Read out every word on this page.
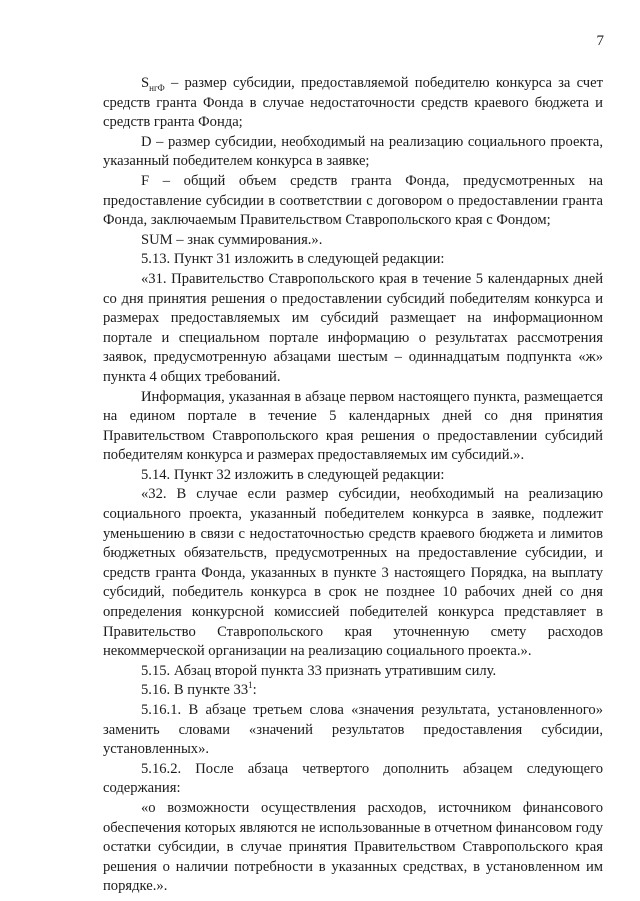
7

$S_{нгФ}$ – размер субсидии, предоставляемой победителю конкурса за счет средств гранта Фонда в случае недостаточности средств краевого бюджета и средств гранта Фонда;

D – размер субсидии, необходимый на реализацию социального проекта, указанный победителем конкурса в заявке;

F – общий объем средств гранта Фонда, предусмотренных на предоставление субсидии в соответствии с договором о предоставлении гранта Фонда, заключаемым Правительством Ставропольского края с Фондом;

SUM – знак суммирования.».

5.13. Пункт 31 изложить в следующей редакции:

«31. Правительство Ставропольского края в течение 5 календарных дней со дня принятия решения о предоставлении субсидий победителям конкурса и размерах предоставляемых им субсидий размещает на информационном портале и специальном портале информацию о результатах рассмотрения заявок, предусмотренную абзацами шестым – одиннадцатым подпункта «ж» пункта 4 общих требований.

Информация, указанная в абзаце первом настоящего пункта, размещается на едином портале в течение 5 календарных дней со дня принятия Правительством Ставропольского края решения о предоставлении субсидий победителям конкурса и размерах предоставляемых им субсидий.».

5.14. Пункт 32 изложить в следующей редакции:

«32. В случае если размер субсидии, необходимый на реализацию социального проекта, указанный победителем конкурса в заявке, подлежит уменьшению в связи с недостаточностью средств краевого бюджета и лимитов бюджетных обязательств, предусмотренных на предоставление субсидии, и средств гранта Фонда, указанных в пункте 3 настоящего Порядка, на выплату субсидий, победитель конкурса в срок не позднее 10 рабочих дней со дня определения конкурсной комиссией победителей конкурса представляет в Правительство Ставропольского края уточненную смету расходов некоммерческой организации на реализацию социального проекта.».

5.15. Абзац второй пункта 33 признать утратившим силу.

5.16. В пункте $33^1$:

5.16.1. В абзаце третьем слова «значения результата, установленного» заменить словами «значений результатов предоставления субсидии, установленных».

5.16.2. После абзаца четвертого дополнить абзацем следующего содержания:

«о возможности осуществления расходов, источником финансового обеспечения которых являются не использованные в отчетном финансовом году остатки субсидии, в случае принятия Правительством Ставропольского края решения о наличии потребности в указанных средствах, в установленном им порядке.».
